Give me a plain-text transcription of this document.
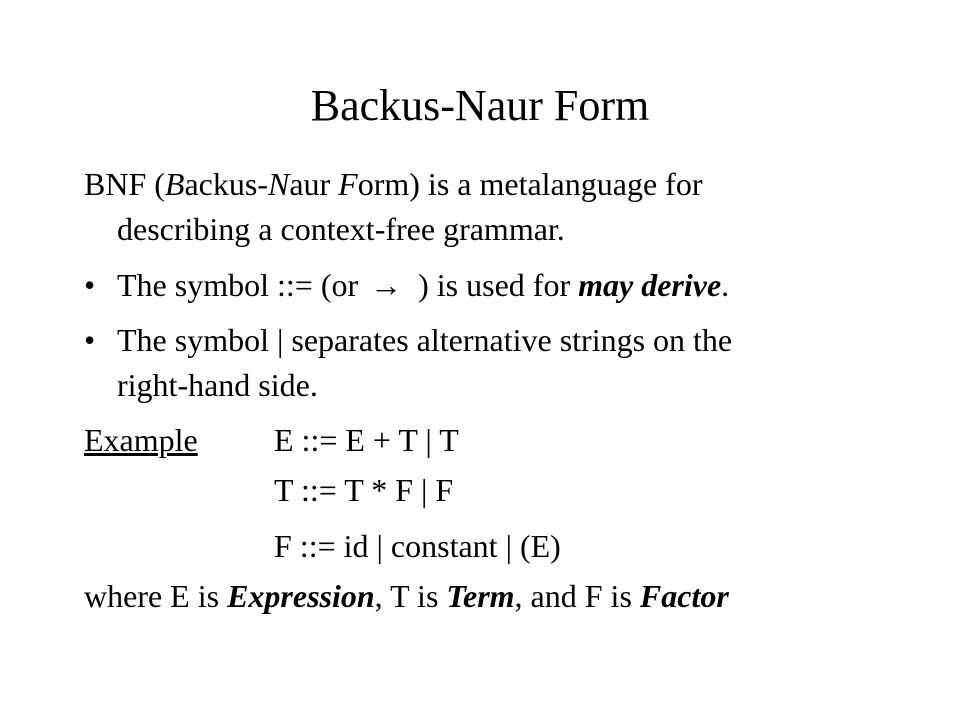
Backus-Naur Form
BNF (Backus-Naur Form) is a metalanguage for
describing a context-free grammar.
• The symbol ::= (or → ) is used for may derive.
• The symbol | separates alternative strings on the
right-hand side.
Example E ::= E + T | T
T ::= T * F | F
F ::= id | constant | (E)
where E is Expression, T is Term, and F is Factor
